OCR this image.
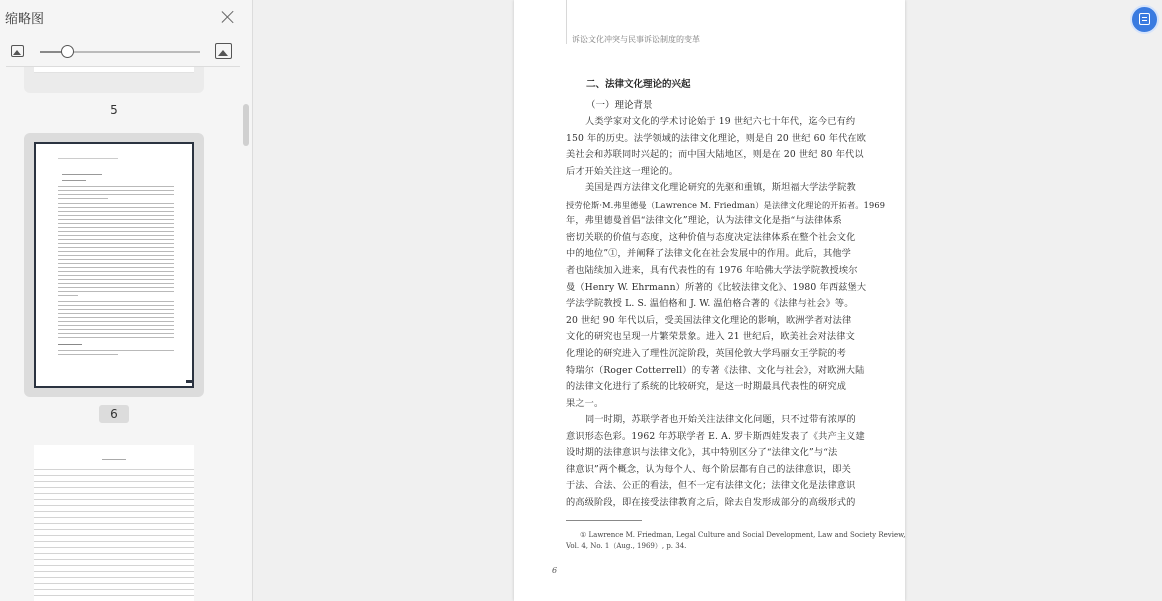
缩略图
5
6
诉讼文化冲突与民事诉讼制度的变革
二、法律文化理论的兴起
（一）理论背景
人类学家对文化的学术讨论始于 19 世纪六七十年代，迄今已有约
150 年的历史。法学领域的法律文化理论，则是自 20 世纪 60 年代在欧
美社会和苏联同时兴起的；而中国大陆地区，则是在 20 世纪 80 年代以
后才开始关注这一理论的。
美国是西方法律文化理论研究的先驱和重镇，斯坦福大学法学院教
授劳伦斯·M.弗里德曼（Lawrence M. Friedman）是法律文化理论的开拓者。1969
年，弗里德曼首倡“法律文化”理论，认为法律文化是指“与法律体系
密切关联的价值与态度，这种价值与态度决定法律体系在整个社会文化
中的地位”①，并阐释了法律文化在社会发展中的作用。此后，其他学
者也陆续加入进来，具有代表性的有 1976 年哈佛大学法学院教授埃尔
曼（Henry W. Ehrmann）所著的《比较法律文化》、1980 年西兹堡大
学法学院教授 L. S. 温伯格和 J. W. 温伯格合著的《法律与社会》等。
20 世纪 90 年代以后，受美国法律文化理论的影响，欧洲学者对法律
文化的研究也呈现一片繁荣景象。进入 21 世纪后，欧美社会对法律文
化理论的研究进入了理性沉淀阶段，英国伦敦大学玛丽女王学院的考
特瑞尔（Roger Cotterrell）的专著《法律、文化与社会》，对欧洲大陆
的法律文化进行了系统的比较研究，是这一时期最具代表性的研究成
果之一。
同一时期，苏联学者也开始关注法律文化问题，只不过带有浓厚的
意识形态色彩。1962 年苏联学者 E. A. 罗卡斯西娃发表了《共产主义建
设时期的法律意识与法律文化》，其中特别区分了“法律文化”与“法
律意识”两个概念，认为每个人、每个阶层都有自己的法律意识，即关
于法、合法、公正的看法，但不一定有法律文化；法律文化是法律意识
的高级阶段，即在接受法律教育之后，除去自发形成部分的高级形式的
① Lawrence M. Friedman, Legal Culture and Social Development, Law and Society Review,
Vol. 4, No. 1（Aug., 1969）, p. 34.
6
